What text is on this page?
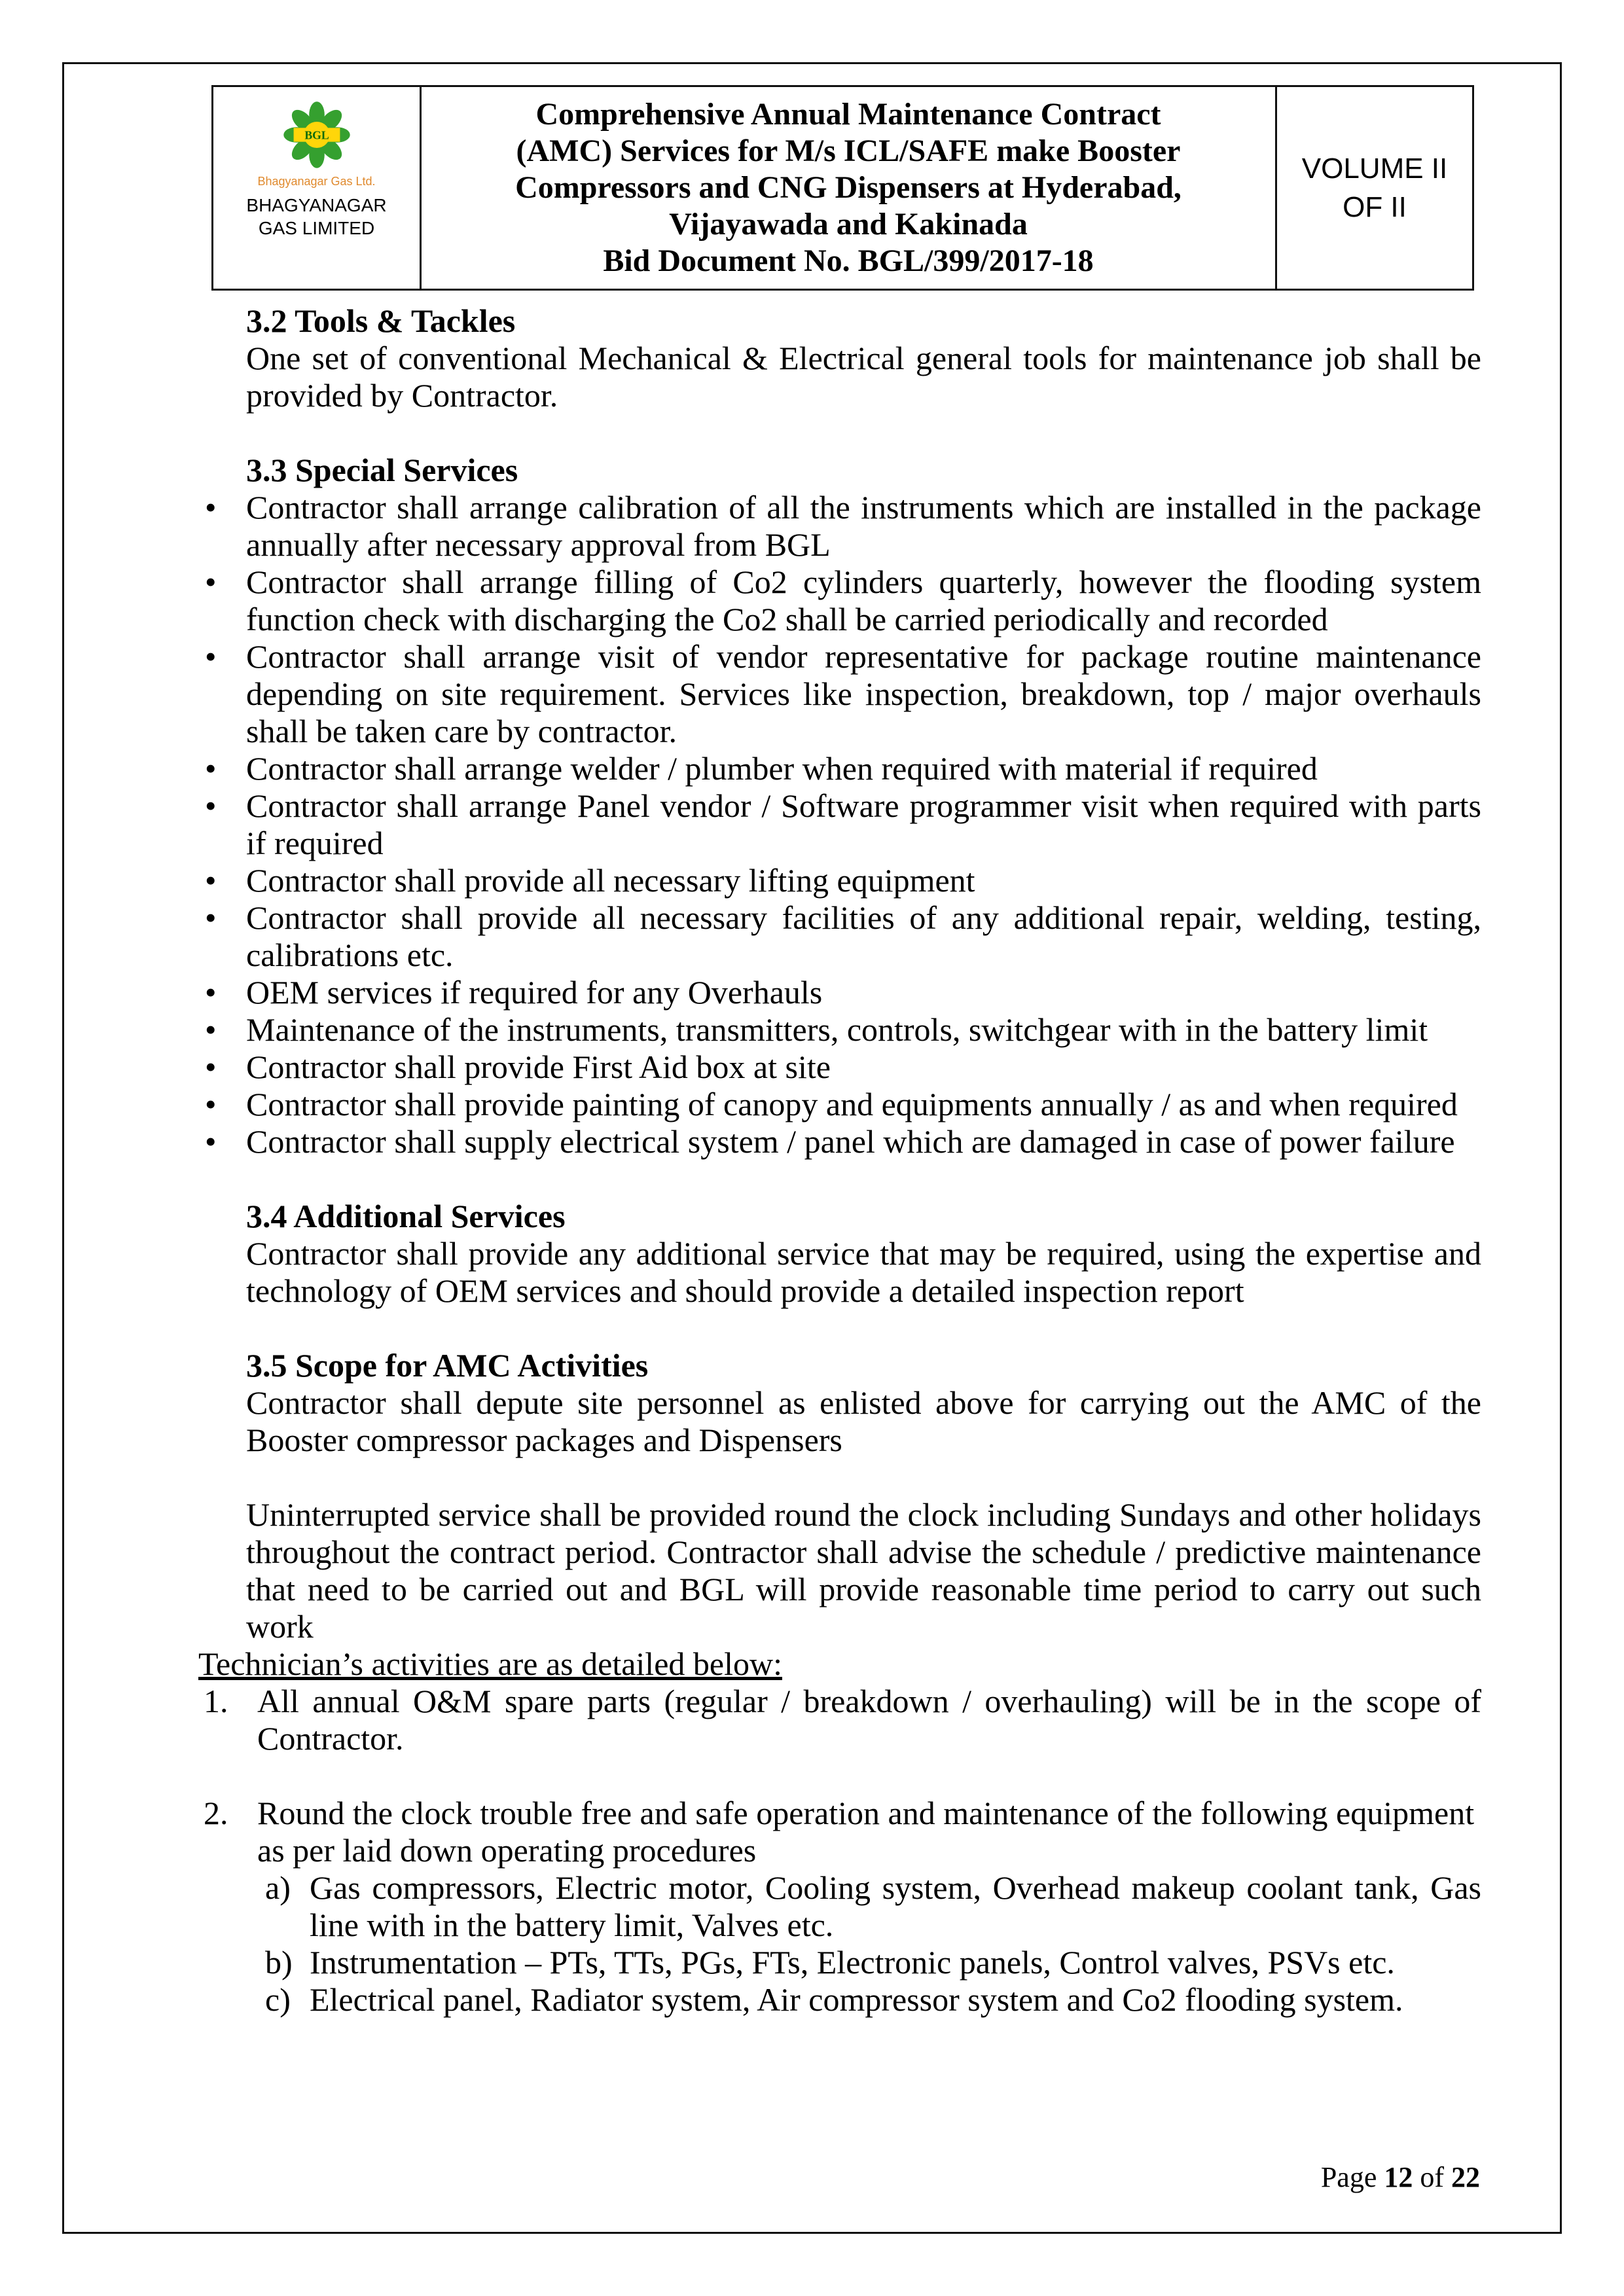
BGL
Bhagyanagar Gas Ltd.
BHAGYANAGAR GAS LIMITED
Comprehensive Annual Maintenance Contract
(AMC) Services for M/s ICL/SAFE make Booster
Compressors and CNG Dispensers at Hyderabad,
Vijayawada and Kakinada
Bid Document No. BGL/399/2017-18
VOLUME II
OF II
3.2 Tools & Tackles
One set of conventional Mechanical & Electrical general tools for maintenance job shall be provided by Contractor.
3.3 Special Services
• Contractor shall arrange calibration of all the instruments which are installed in the package annually after necessary approval from BGL
• Contractor shall arrange filling of Co2 cylinders quarterly, however the flooding system function check with discharging the Co2 shall be carried periodically and recorded
• Contractor shall arrange visit of vendor representative for package routine maintenance depending on site requirement. Services like inspection, breakdown, top / major overhauls shall be taken care by contractor.
• Contractor shall arrange welder / plumber when required with material if required
• Contractor shall arrange Panel vendor / Software programmer visit when required with parts if required
• Contractor shall provide all necessary lifting equipment
• Contractor shall provide all necessary facilities of any additional repair, welding, testing, calibrations etc.
• OEM services if required for any Overhauls
• Maintenance of the instruments, transmitters, controls, switchgear with in the battery limit
• Contractor shall provide First Aid box at site
• Contractor shall provide painting of canopy and equipments annually / as and when required
• Contractor shall supply electrical system / panel which are damaged in case of power failure
3.4 Additional Services
Contractor shall provide any additional service that may be required, using the expertise and technology of OEM services and should provide a detailed inspection report
3.5 Scope for AMC Activities
Contractor shall depute site personnel as enlisted above for carrying out the AMC of the Booster compressor packages and Dispensers
Uninterrupted service shall be provided round the clock including Sundays and other holidays throughout the contract period. Contractor shall advise the schedule / predictive maintenance that need to be carried out and BGL will provide reasonable time period to carry out such work
Technician’s activities are as detailed below:
1. All annual O&M spare parts (regular / breakdown / overhauling) will be in the scope of Contractor.
2. Round the clock trouble free and safe operation and maintenance of the following equipment as per laid down operating procedures
a) Gas compressors, Electric motor, Cooling system, Overhead makeup coolant tank, Gas line with in the battery limit, Valves etc.
b) Instrumentation – PTs, TTs, PGs, FTs, Electronic panels, Control valves, PSVs etc.
c) Electrical panel, Radiator system, Air compressor system and Co2 flooding system.
Page 12 of 22
